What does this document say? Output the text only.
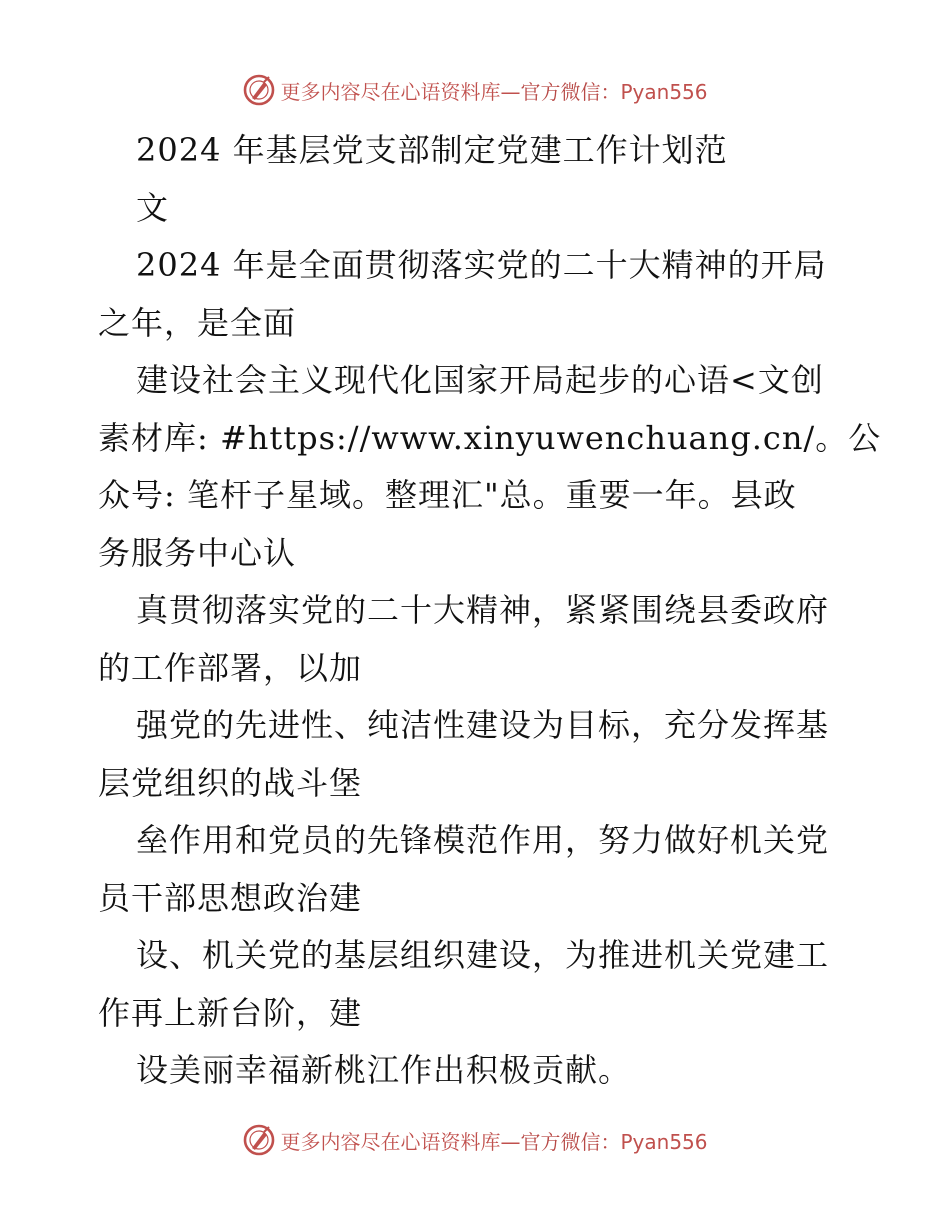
更多内容尽在心语资料库—官方微信：Pyan556
2024 年基层党支部制定党建工作计划范
文
2024 年是全面贯彻落实党的二十大精神的开局
之年，是全面
建设社会主义现代化国家开局起步的心语<文创
素材库: #https://www.xinyuwenchuang.cn/。公
众号: 笔杆子星域。整理汇"总。重要一年。县政
务服务中心认
真贯彻落实党的二十大精神，紧紧围绕县委政府
的工作部署，以加
强党的先进性、纯洁性建设为目标，充分发挥基
层党组织的战斗堡
垒作用和党员的先锋模范作用，努力做好机关党
员干部思想政治建
设、机关党的基层组织建设，为推进机关党建工
作再上新台阶，建
设美丽幸福新桃江作出积极贡献。
更多内容尽在心语资料库—官方微信：Pyan556
